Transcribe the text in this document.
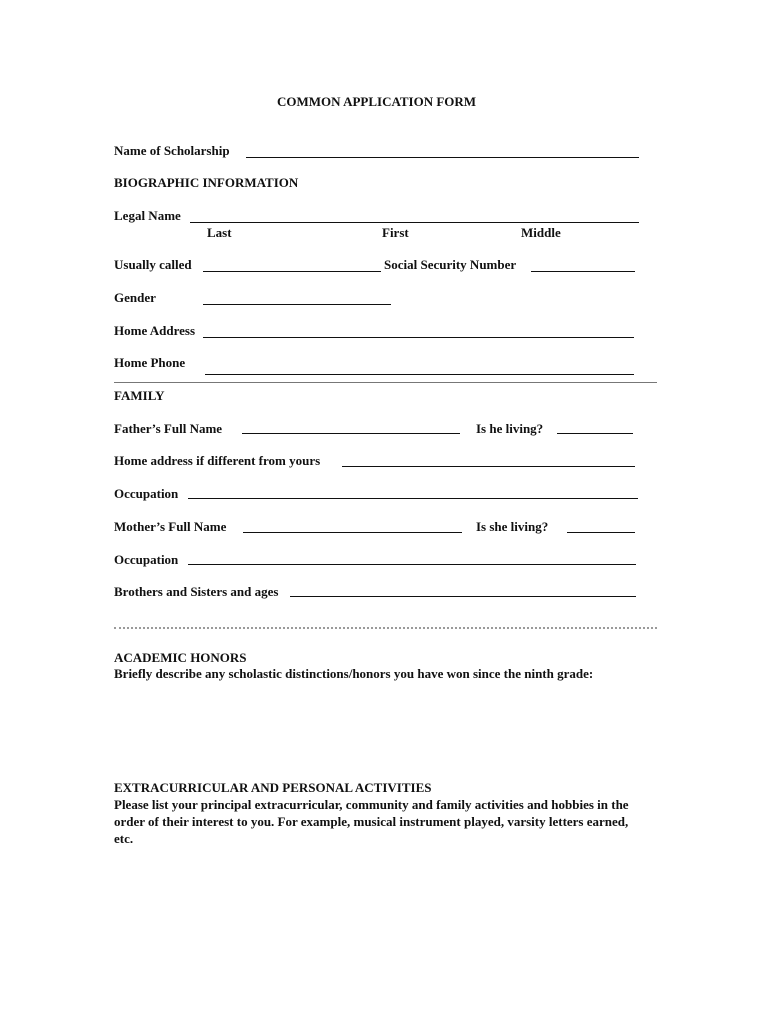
COMMON APPLICATION FORM
Name of Scholarship
BIOGRAPHIC INFORMATION
Legal Name
Last	First	Middle
Usually called	Social Security Number
Gender
Home Address
Home Phone
FAMILY
Father’s Full Name	Is he living?
Home address if different from yours
Occupation
Mother’s Full Name	Is she living?
Occupation
Brothers and Sisters and ages
ACADEMIC HONORS
Briefly describe any scholastic distinctions/honors you have won since the ninth grade:
EXTRACURRICULAR AND PERSONAL ACTIVITIES
Please list your principal extracurricular, community and family activities and hobbies in the order of their interest to you. For example, musical instrument played, varsity letters earned, etc.
